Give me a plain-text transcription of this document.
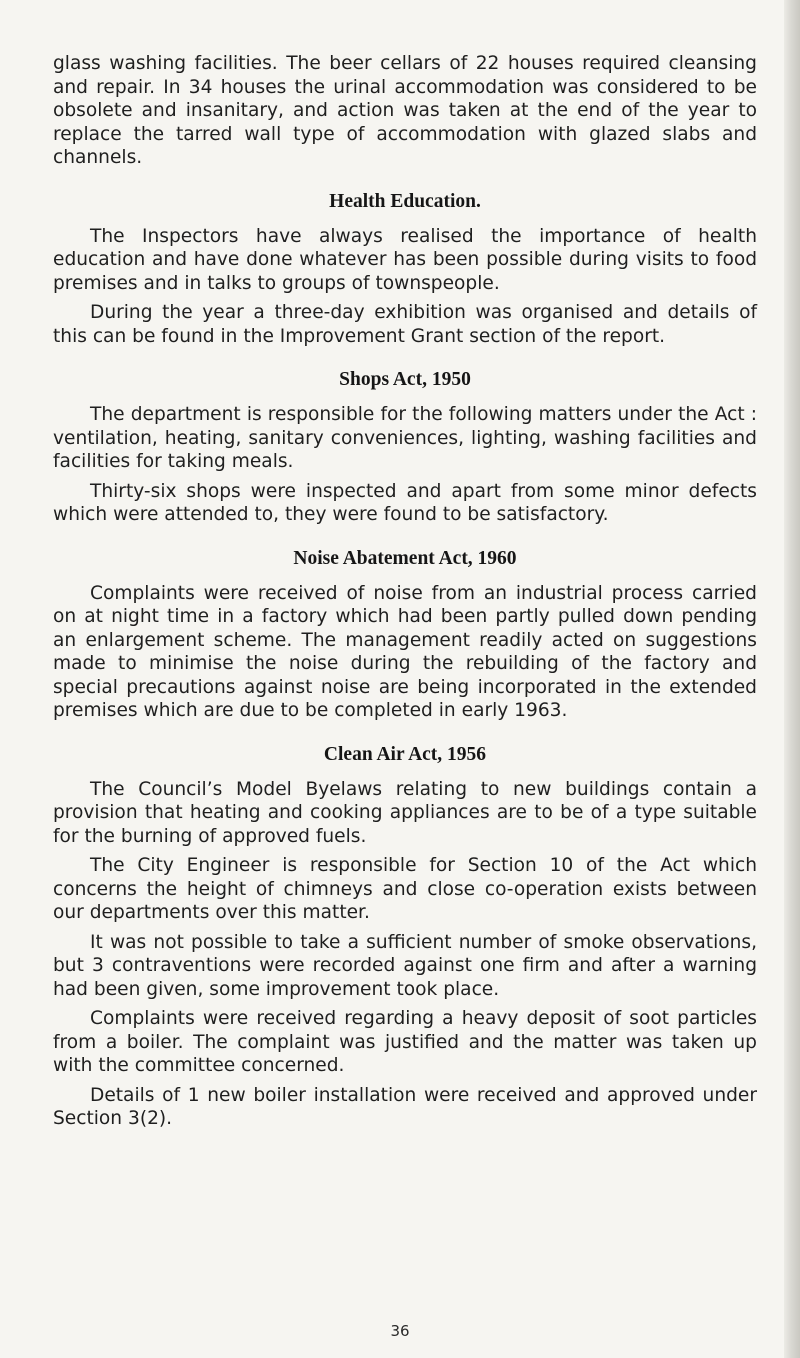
glass washing facilities. The beer cellars of 22 houses required cleansing and repair. In 34 houses the urinal accommodation was considered to be obsolete and insanitary, and action was taken at the end of the year to replace the tarred wall type of accommodation with glazed slabs and channels.

Health Education.

The Inspectors have always realised the importance of health education and have done whatever has been possible during visits to food premises and in talks to groups of townspeople.

During the year a three-day exhibition was organised and details of this can be found in the Improvement Grant section of the report.

Shops Act, 1950

The department is responsible for the following matters under the Act : ventilation, heating, sanitary conveniences, lighting, washing facilities and facilities for taking meals.

Thirty-six shops were inspected and apart from some minor defects which were attended to, they were found to be satisfactory.

Noise Abatement Act, 1960

Complaints were received of noise from an industrial process carried on at night time in a factory which had been partly pulled down pending an enlargement scheme. The management readily acted on suggestions made to minimise the noise during the rebuilding of the factory and special precautions against noise are being incorporated in the extended premises which are due to be completed in early 1963.

Clean Air Act, 1956

The Council’s Model Byelaws relating to new buildings contain a provision that heating and cooking appliances are to be of a type suitable for the burning of approved fuels.

The City Engineer is responsible for Section 10 of the Act which concerns the height of chimneys and close co-operation exists between our departments over this matter.

It was not possible to take a sufficient number of smoke observations, but 3 contraventions were recorded against one firm and after a warning had been given, some improvement took place.

Complaints were received regarding a heavy deposit of soot particles from a boiler. The complaint was justified and the matter was taken up with the committee concerned.

Details of 1 new boiler installation were received and approved under Section 3(2).

36
